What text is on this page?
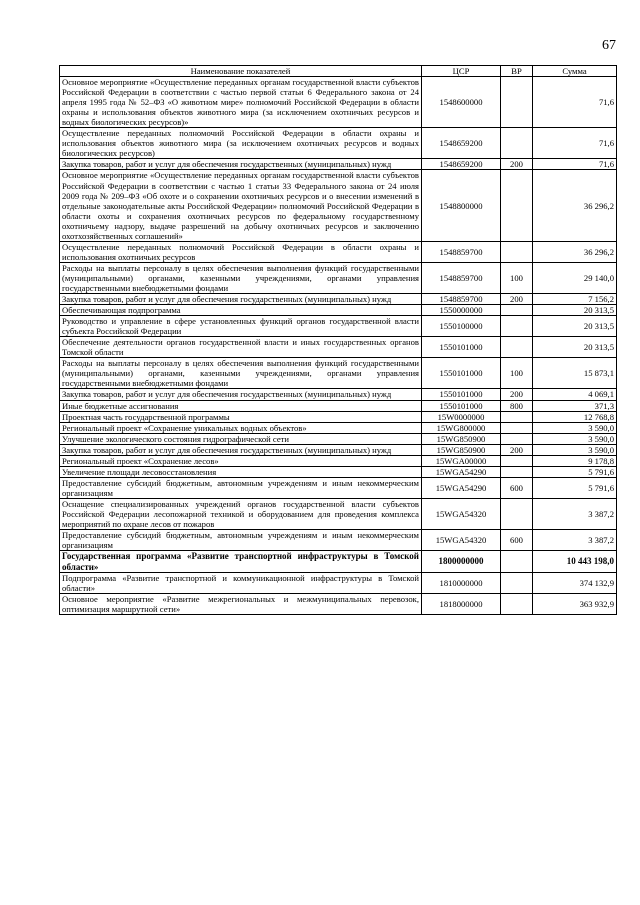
67
Наименование показателей	ЦСР	ВР	Сумма
Основное мероприятие «Осуществление переданных органам государственной власти субъектов Российской Федерации в соответствии с частью первой статьи 6 Федерального закона от 24 апреля 1995 года № 52–ФЗ «О животном мире» полномочий Российской Федерации в области охраны и использования объектов животного мира (за исключением охотничьих ресурсов и водных биологических ресурсов)»	1548600000		71,6
Осуществление переданных полномочий Российской Федерации в области охраны и использования объектов животного мира (за исключением охотничьих ресурсов и водных биологических ресурсов)	1548659200		71,6
Закупка товаров, работ и услуг для обеспечения государственных (муниципальных) нужд	1548659200	200	71,6
Основное мероприятие «Осуществление переданных органам государственной власти субъектов Российской Федерации в соответствии с частью 1 статьи 33 Федерального закона от 24 июля 2009 года № 209–ФЗ «Об охоте и о сохранении охотничьих ресурсов и о внесении изменений в отдельные законодательные акты Российской Федерации» полномочий Российской Федерации в области охоты и сохранения охотничьих ресурсов по федеральному государственному охотничьему надзору, выдаче разрешений на добычу охотничьих ресурсов и заключению охотхозяйственных соглашений»	1548800000		36 296,2
Осуществление переданных полномочий Российской Федерации в области охраны и использования охотничьих ресурсов	1548859700		36 296,2
Расходы на выплаты персоналу в целях обеспечения выполнения функций государственными (муниципальными) органами, казенными учреждениями, органами управления государственными внебюджетными фондами	1548859700	100	29 140,0
Закупка товаров, работ и услуг для обеспечения государственных (муниципальных) нужд	1548859700	200	7 156,2
Обеспечивающая подпрограмма	1550000000		20 313,5
Руководство и управление в сфере установленных функций органов государственной власти субъекта Российской Федерации	1550100000		20 313,5
Обеспечение деятельности органов государственной власти и иных государственных органов Томской области	1550101000		20 313,5
Расходы на выплаты персоналу в целях обеспечения выполнения функций государственными (муниципальными) органами, казенными учреждениями, органами управления государственными внебюджетными фондами	1550101000	100	15 873,1
Закупка товаров, работ и услуг для обеспечения государственных (муниципальных) нужд	1550101000	200	4 069,1
Иные бюджетные ассигнования	1550101000	800	371,3
Проектная часть государственной программы	15W0000000		12 768,8
Региональный проект «Сохранение уникальных водных объектов»	15WG800000		3 590,0
Улучшение экологического состояния гидрографической сети	15WG850900		3 590,0
Закупка товаров, работ и услуг для обеспечения государственных (муниципальных) нужд	15WG850900	200	3 590,0
Региональный проект «Сохранение лесов»	15WGA00000		9 178,8
Увеличение площади лесовосстановления	15WGA54290		5 791,6
Предоставление субсидий бюджетным, автономным учреждениям и иным некоммерческим организациям	15WGA54290	600	5 791,6
Оснащение специализированных учреждений органов государственной власти субъектов Российской Федерации лесопожарной техникой и оборудованием для проведения комплекса мероприятий по охране лесов от пожаров	15WGA54320		3 387,2
Предоставление субсидий бюджетным, автономным учреждениям и иным некоммерческим организациям	15WGA54320	600	3 387,2
Государственная программа «Развитие транспортной инфраструктуры в Томской области»	1800000000		10 443 198,0
Подпрограмма «Развитие транспортной и коммуникационной инфраструктуры в Томской области»	1810000000		374 132,9
Основное мероприятие «Развитие межрегиональных и межмуниципальных перевозок, оптимизация маршрутной сети»	1818000000		363 932,9
